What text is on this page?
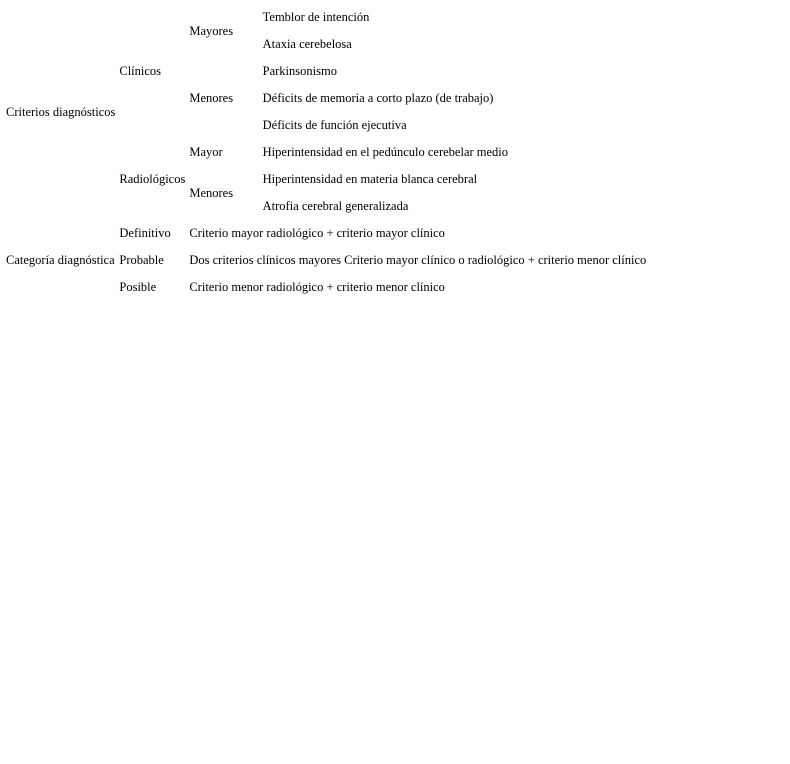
Criterios diagnósticos	Clínicos	Mayores	Temblor de intención
			Ataxia cerebelosa
		Menores	Parkinsonismo
			Déficits de memoria a corto plazo (de trabajo)
			Déficits de función ejecutiva
	Radiológicos	Mayor	Hiperintensidad en el pedúnculo cerebelar medio
		Menores	Hiperintensidad en materia blanca cerebral
			Atrofia cerebral generalizada
Categoría diagnóstica	Definitivo	Criterio mayor radiológico + criterio mayor clínico	
	Probable	Dos criterios clínicos mayores Criterio mayor clínico o radiológico + criterio menor clínico	
	Posible	Criterio menor radiológico + criterio menor clínico	
